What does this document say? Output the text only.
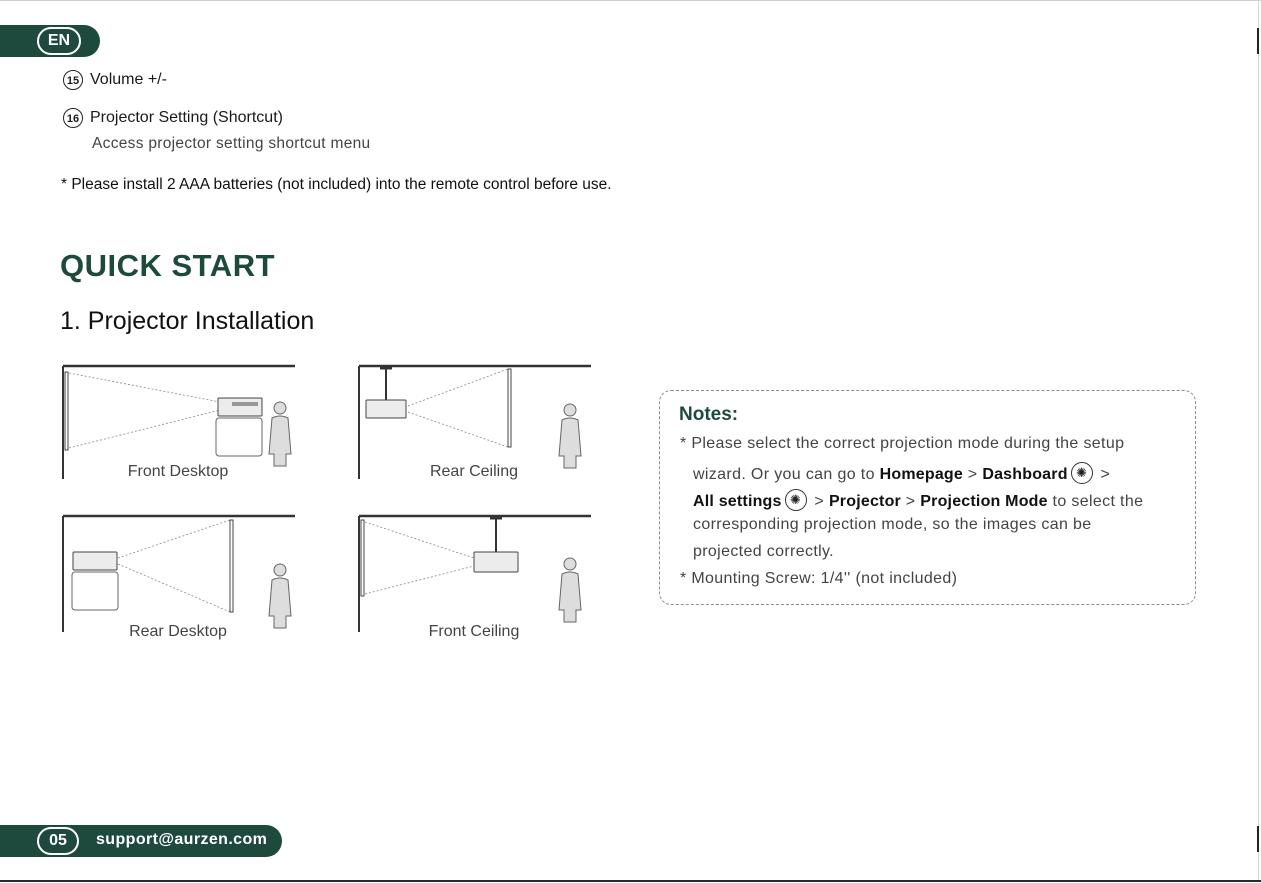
EN
15 Volume +/-
16 Projector Setting (Shortcut)
Access projector setting shortcut menu
* Please install 2 AAA batteries (not included) into the remote control before use.
QUICK START
1. Projector Installation
Front Desktop	Rear Ceiling
Rear Desktop	Front Ceiling
Notes:
* Please select the correct projection mode during the setup
wizard. Or you can go to Homepage > Dashboard✺ >
All settings✺ > Projector > Projection Mode to select the
corresponding projection mode, so the images can be
projected correctly.
* Mounting Screw: 1/4'' (not included)
05	support@aurzen.com
